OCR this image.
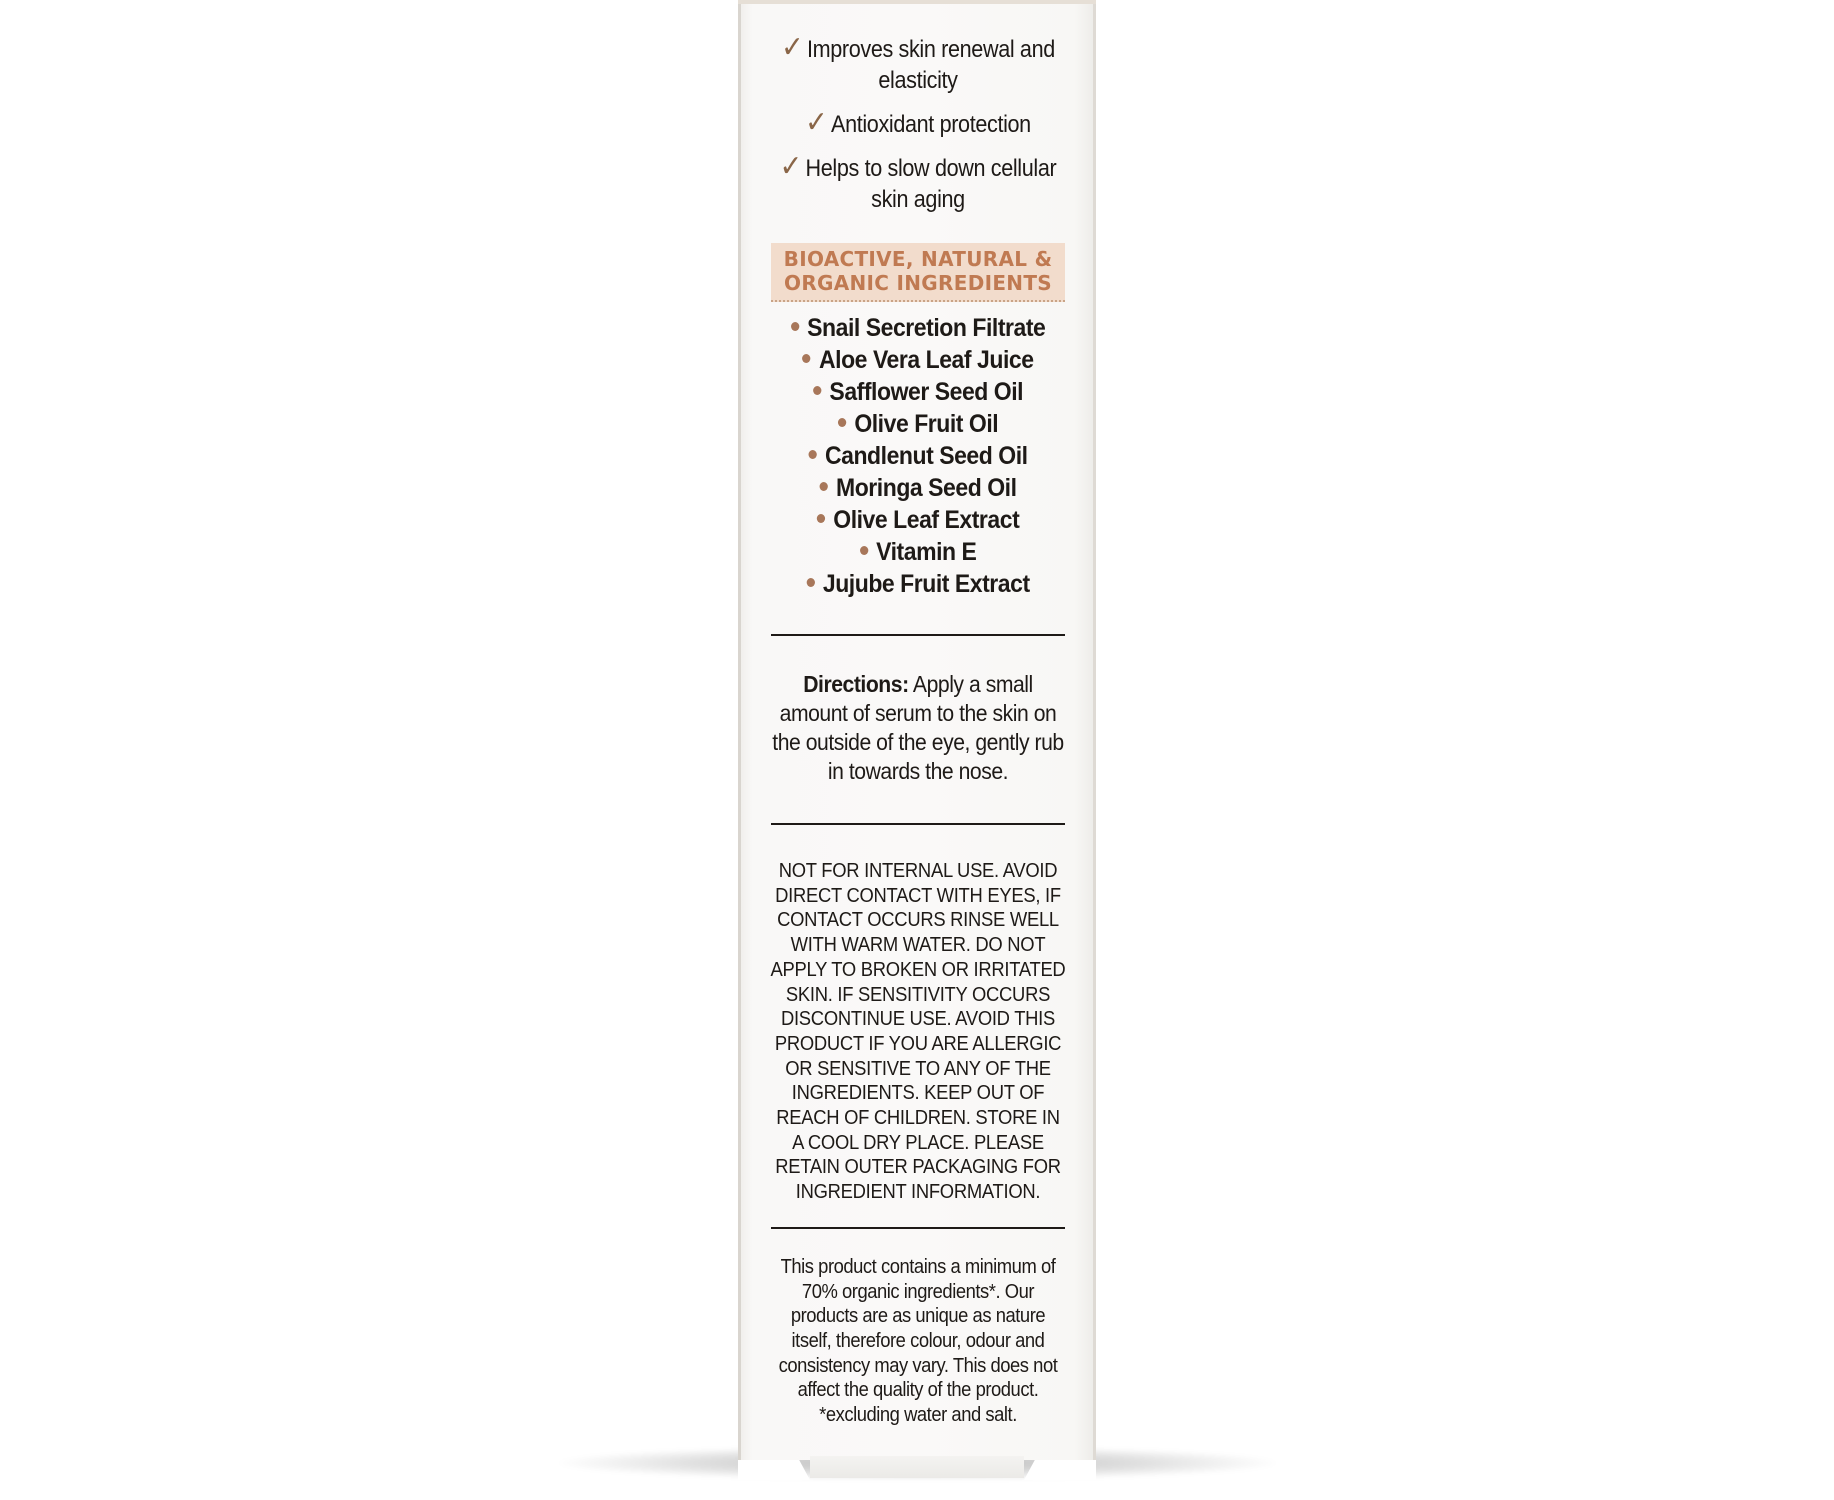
✓ Improves skin renewal and elasticity
✓ Antioxidant protection
✓ Helps to slow down cellular skin aging
BIOACTIVE, NATURAL & ORGANIC INGREDIENTS
Snail Secretion Filtrate
Aloe Vera Leaf Juice
Safflower Seed Oil
Olive Fruit Oil
Candlenut Seed Oil
Moringa Seed Oil
Olive Leaf Extract
Vitamin E
Jujube Fruit Extract
Directions: Apply a small amount of serum to the skin on the outside of the eye, gently rub in towards the nose.
NOT FOR INTERNAL USE. AVOID DIRECT CONTACT WITH EYES, IF CONTACT OCCURS RINSE WELL WITH WARM WATER. DO NOT APPLY TO BROKEN OR IRRITATED SKIN. IF SENSITIVITY OCCURS DISCONTINUE USE. AVOID THIS PRODUCT IF YOU ARE ALLERGIC OR SENSITIVE TO ANY OF THE INGREDIENTS. KEEP OUT OF REACH OF CHILDREN. STORE IN A COOL DRY PLACE. PLEASE RETAIN OUTER PACKAGING FOR INGREDIENT INFORMATION.
This product contains a minimum of 70% organic ingredients*. Our products are as unique as nature itself, therefore colour, odour and consistency may vary. This does not affect the quality of the product. *excluding water and salt.
